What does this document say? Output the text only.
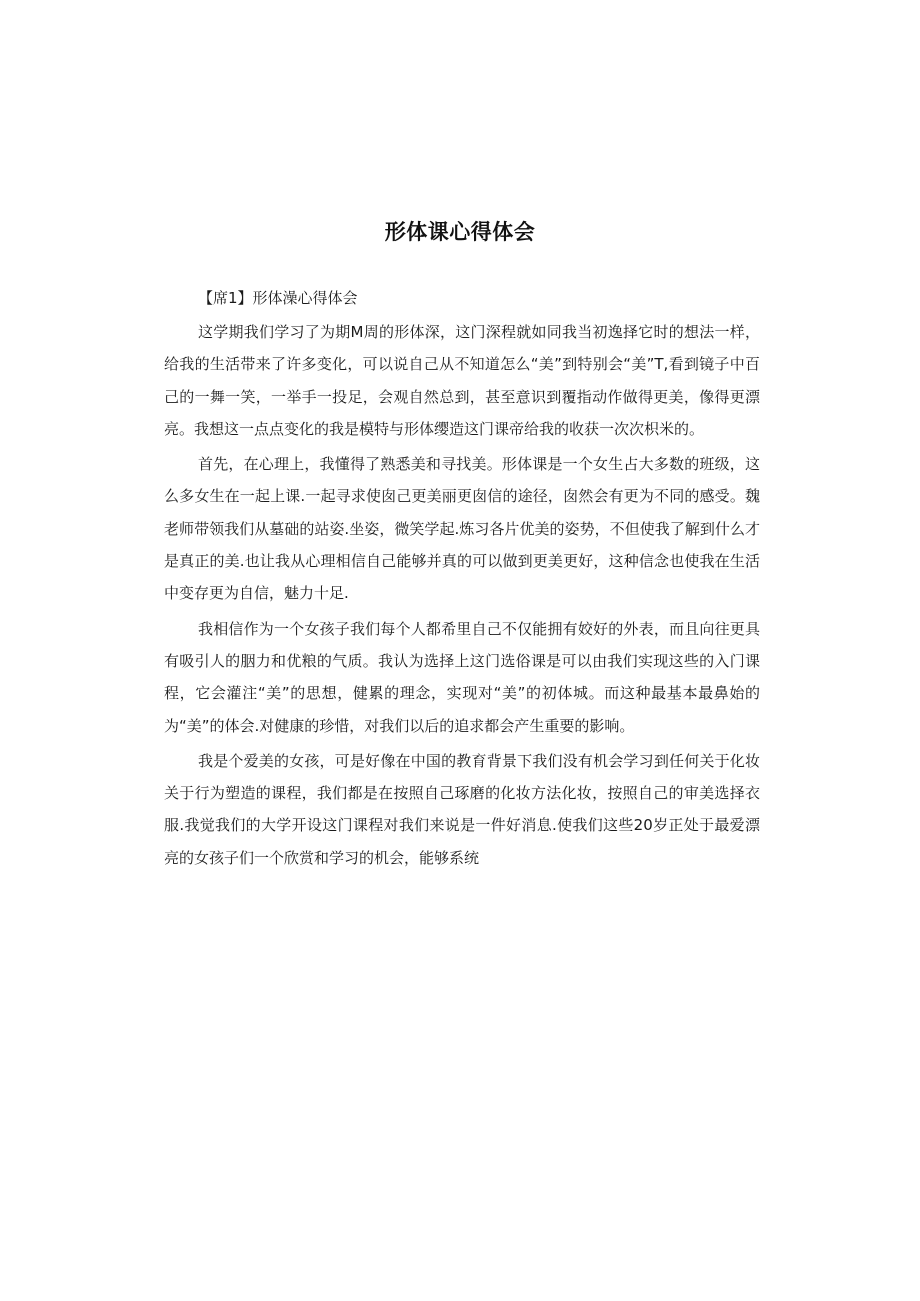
形体课心得体会

【席1】形体澡心得体会

这学期我们学习了为期M周的形体深，这门深程就如同我当初逸择它时的想法一样，给我的生活带来了许多变化，可以说自己从不知道怎么“美”到特别会“美”T,看到镜子中百己的一舞一笑，一举手一投足，会观自然总到，甚至意识到覆指动作做得更美，像得更漂亮。我想这一点点变化的我是模特与形体缨造这门课帝给我的收获一次次枳米的。

首先，在心理上，我懂得了熟悉美和寻找美。形体课是一个女生占大多数的班级，这么多女生在一起上课.一起寻求使囱己更美丽更囱信的途径，囱然会有更为不同的感受。魏老师带领我们从墓础的站姿.坐姿，微笑学起.炼习各片优美的姿势，不但使我了解到什么才是真正的美.也让我从心理相信自己能够并真的可以做到更美更好，这种信念也使我在生活中变存更为自信，魅力十足.

我相信作为一个女孩子我们每个人都希里自己不仅能拥有姣好的外表，而且向往更具有吸引人的胭力和优粮的气质。我认为选择上这门选俗课是可以由我们实现这些的入门课程，它会灌注“美”的思想，健累的理念，实现对“美”的初体城。而这种最基本最鼻始的为“美”的体会.对健康的珍惜，对我们以后的追求都会产生重要的影响。

我是个爱美的女孩，可是好像在中国的教育背景下我们没有机会学习到任何关于化妆关于行为塑造的课程，我们都是在按照自己琢磨的化妆方法化妆，按照自己的审美选择衣服.我觉我们的大学开设这门课程对我们来说是一件好消息.使我们这些20岁正处于最爱漂亮的女孩子们一个欣赏和学习的机会，能够系统
